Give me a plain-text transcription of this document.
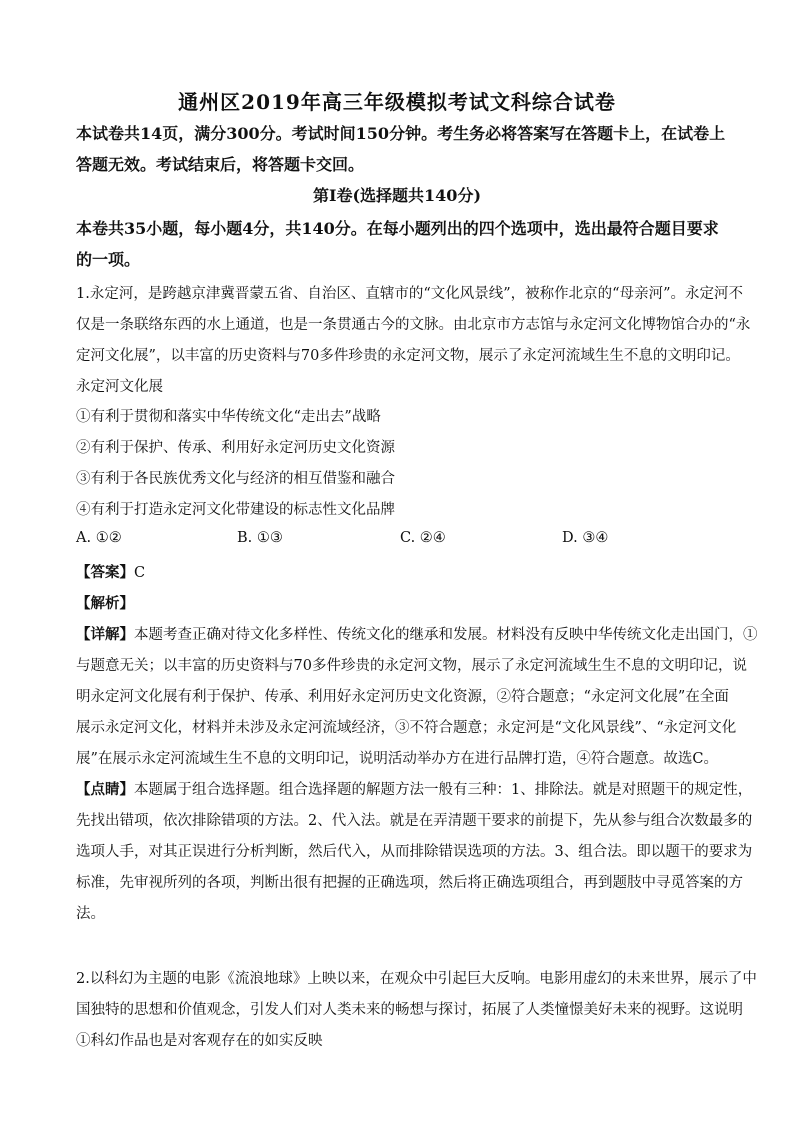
通州区2019年高三年级模拟考试文科综合试卷
本试卷共14页，满分300分。考试时间150分钟。考生务必将答案写在答题卡上，在试卷上
答题无效。考试结束后，将答题卡交回。
第Ⅰ卷(选择题共140分)
本卷共35小题，每小题4分，共140分。在每小题列出的四个选项中，选出最符合题目要求
的一项。
1.永定河，是跨越京津冀晋蒙五省、自治区、直辖市的“文化风景线”，被称作北京的“母亲河”。永定河不
仅是一条联络东西的水上通道，也是一条贯通古今的文脉。由北京市方志馆与永定河文化博物馆合办的“永
定河文化展”，以丰富的历史资料与70多件珍贵的永定河文物，展示了永定河流域生生不息的文明印记。
永定河文化展
①有利于贯彻和落实中华传统文化“走出去”战略
②有利于保护、传承、利用好永定河历史文化资源
③有利于各民族优秀文化与经济的相互借鉴和融合
④有利于打造永定河文化带建设的标志性文化品牌
A. ①②	B. ①③	C. ②④	D. ③④
【答案】C
【解析】
【详解】本题考查正确对待文化多样性、传统文化的继承和发展。材料没有反映中华传统文化走出国门，①
与题意无关；以丰富的历史资料与70多件珍贵的永定河文物，展示了永定河流域生生不息的文明印记，说
明永定河文化展有利于保护、传承、利用好永定河历史文化资源，②符合题意；“永定河文化展”在全面
展示永定河文化，材料并未涉及永定河流域经济，③不符合题意；永定河是“文化风景线”、“永定河文化
展”在展示永定河流域生生不息的文明印记，说明活动举办方在进行品牌打造，④符合题意。故选C。
【点睛】本题属于组合选择题。组合选择题的解题方法一般有三种：1、排除法。就是对照题干的规定性，
先找出错项，依次排除错项的方法。2、代入法。就是在弄清题干要求的前提下，先从参与组合次数最多的
选项人手，对其正误进行分析判断，然后代入，从而排除错误选项的方法。3、组合法。即以题干的要求为
标准，先审视所列的各项，判断出很有把握的正确选项，然后将正确选项组合，再到题肢中寻觅答案的方
法。
2.以科幻为主题的电影《流浪地球》上映以来，在观众中引起巨大反响。电影用虚幻的未来世界，展示了中
国独特的思想和价值观念，引发人们对人类未来的畅想与探讨，拓展了人类憧憬美好未来的视野。这说明
①科幻作品也是对客观存在的如实反映
